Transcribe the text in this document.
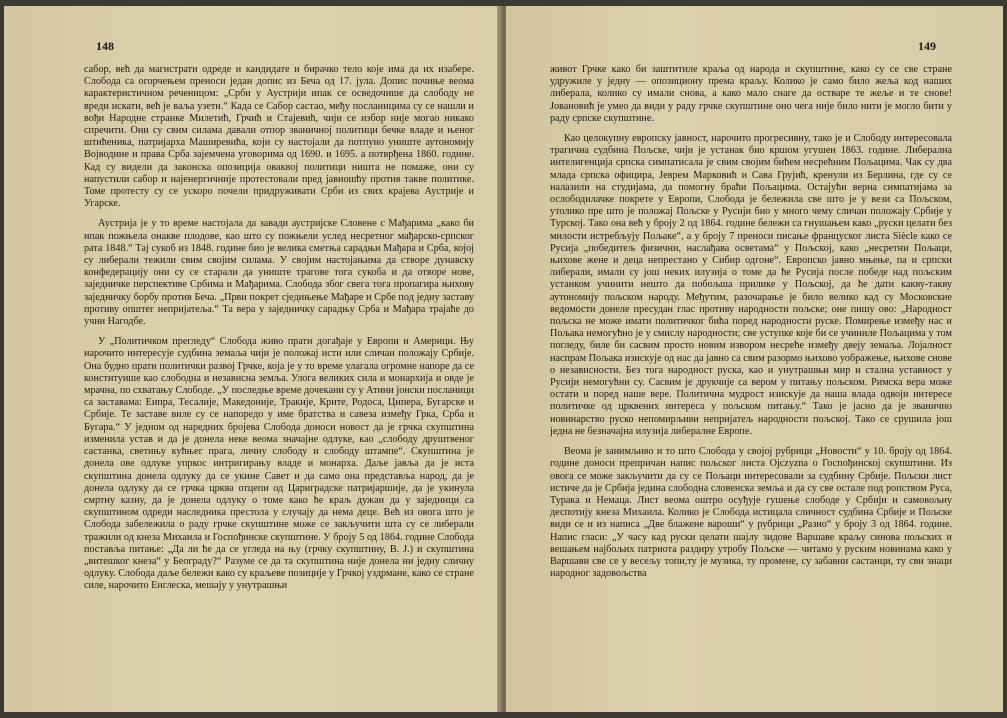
148

сабор, већ да магистрати одреде и кандидате и бирачко тело које има да их изабере. Слобода са огорчењем преноси један допис из Беча од 17. јула. Допис почиње веома карактеристичном реченицом: „Срби у Аустрији ипак се осведочише да слободу не вреди искати, већ је ваља узети.“ Када се Сабор састао, међу посланицима су се нашли и вођи Народне странке Милетић, Грчић и Стајевић, чији се избор није могао никако спречити. Они су свим силама давали отпор званичној политици бечке владе и њеног штићеника, патријарха Маширевића, који су настојали да потпуно униште аутономију Војводине и права Срба зајемчена уговорима од 1690. и 1695. а потврђена 1860. године. Кад су видели да законска опозиција оваквој политици ништа не помаже, они су напустили сабор и најенергичније протестовали пред јавношћу против такве политике. Томе протесту су се ускоро почели придруживати Срби из свих крајева Аустрије и Угарске.

Аустрија је у то време настојала да завади аустријске Словене с Мађарима „како би ипак пожњела онакве плодове, као што су пожњели услед несретног мађарско-српског рата 1848.“ Тај сукоб из 1848. године био је велика сметња сарадњи Мађара и Срба, којој су либерали тежили свим својим силама. У својим настојањима да створе дунавску конфедерацију они су се старали да униште трагове тога сукоба и да отворе нове, заједничке перспективе Србима и Мађарима. Слобода због свега тога пропагира њихову заједничку борбу против Беча. „Први покрет сједињење Мађаре и Србе под једну заставу противу општег непријатеља.“ Та вера у заједничку сарадњу Срба и Мађара трајаће до учни Нагодбе.

У „Политичком прегледу“ Слобода живо прати догађаје у Европи и Америци. Њу нарочито интересује судбина земаља чији је положај исти или сличан положају Србије. Она будно прати политички развој Грчке, која је у то време улагала огромне напоре да се конституише као слободна и независна земља. Улога великих сила и монархија и овде је мрачна, по схватању Слободе. „У последње време дочекани су у Атини јонски посланици са заставама: Еипра, Тесалије, Македоније, Тракије, Крите, Родоса, Ципера, Бугарске и Србије. Те заставе виле су се напоредо у име братства и савеза између Грка, Срба и Бугара.“ У једном од наредних бројева Слобода доноси новост да је грчка скупштина изменила устав и да је донела неке веома значајне одлуке, као „слободу друштвеног састанка, светињу кућњег прага, личну слободу и слободу штампе“. Скупштина је донела ове одлуке упркос интригирању владе и монарха. Даље јавља да је иста скупштина донела одлуку да се укине Савет и да само она представља народ, да је донела одлуку да се грчка црква отцепи од Цариградске патријаршије, да је укинула смртну казну, да је донела одлуку о томе како ће краљ дужан да у заједници са скупштином одреди наследника престола у случају да нема деце. Већ из овога што је Слобода забележила о раду грчке скупштине може се закључити шта су се либерали тражили од кнеза Михаила и Госпођинске скупштине. У броју 5 од 1864. године Слобода поставља питање: „Да ли ће да се угледа на њу (грчку скупштину, В. Ј.) и скупштина „витешког кнеза“ у Београду?“ Разуме се да та скупштина није донела ни једну сличну одлуку. Слобода даље бележи како су краљеве позиције у Грчкој уздрмане, како се стране силе, нарочито Енглеска, мешају у унутрашњи

149

живот Грчке како би заштитиле краља од народа и скупштине, како су се све стране удружиле у једну — опозициону према краљу. Колико је само било жеља код наших либерала, колико су имали снова, а како мало снаге да остваре те жеље и те снове! Јовановић је умео да види у раду грчке скупштине оно чега није било нити је могло бити у раду српске скупштине.

Као целокупну европску јавност, нарочито прогресивну, тако је и Слободу интересовала трагична судбина Пољске, чији је устанак био кршом угушен 1863. године. Либерална интелигенција српска симпатисала је свим својим бићем несрећним Пољацима. Чак су два млада српска официра, Јеврем Марковић и Сава Грујић, кренули из Берлина, где су се налазили на студијама, да помогну браћи Пољацима. Остајући верна симпатијама за ослободилачке покрете у Европи, Слобода је бележила све што је у вези са Пољском, утолико пре што је положај Пољске у Русији био у много чему сличан положају Србије у Турској. Тако она већ у броју 2 од 1864. године бележи са гнушањем како „руски целати без милости истребљују Пољаке“, а у броју 7 преноси писање француског листа Siècle како се Русија „победитељ физични, наслађава осветама“ у Пољској, како „несретни Пољаци, њихове жене и деца непрестано у Сибир одгоне“. Европско јавно мњење, па и српски либерали, имали су још неких илузија о томе да ће Русија после победе над пољским устанком учинити нешто да побољша прилике у Пољској, да ће дати какву-такву аутономију пољском народу. Међутим, разочарање је било велико кад су Московские ведомости донеле пресудан глас противу народности пољске; оне пишу ово: „Народност пољска не може имати политичког бића поред народности руске. Помирење између нас и Пољака немогућно је у смислу народности; све уступке које би се учиниле Пољацима у том погледу, биле би сасвим просто новим извором несреће између двеју земаља. Лојалност наспрам Пољака изискује од нас да јавно са свим разормо њихово уображење, њихове снове о независности. Без тога народност руска, као и унутрашњи мир и стална уставност у Русији немогућни су. Сасвим је друкчије са вером у питању пољском. Римска вера може остати и поред наше вере. Политична мудрост изискује да наша влада одвоји интересе политичке од црквених интереса у пољском питању.“ Тако је јасно да је званично новинарство руско непомирљиви непријатељ народности пољској. Тако се срушила још једна не безначајна илузија либералне Европе.

Веома је занимљиво и то што Слобода у својој рубрици „Новости“ у 10. броју од 1864. године доноси препричан напис пољског листа Ојczyzna о Госпођинској скупштини. Из овога се може закључити да су се Пољаци интересовали за судбину Србије. Пољски лист истиче да је Србија једина слободна словенска земља и да су све остале под ропством Руса, Турака и Немаца. Лист веома оштро осуђује гушење слободе у Србији и самовољну деспотију кнеза Михаила. Колико је Слобода истицала сличност судбина Србије и Пољске види се и из написа „Две блажене вароши“ у рубрици „Разно“ у броју 3 од 1864. године. Напис гласи: „У часу кад руски целати шајлу зидове Варшаве краљу синова пољских и вешањем најбољих патриота раздиру утробу Пољске — читамо у руским новинама како у Варшави све се у весељу топи,ту је музика, ту промене, су забавни састанци, ту сви знаци народног задовољства
